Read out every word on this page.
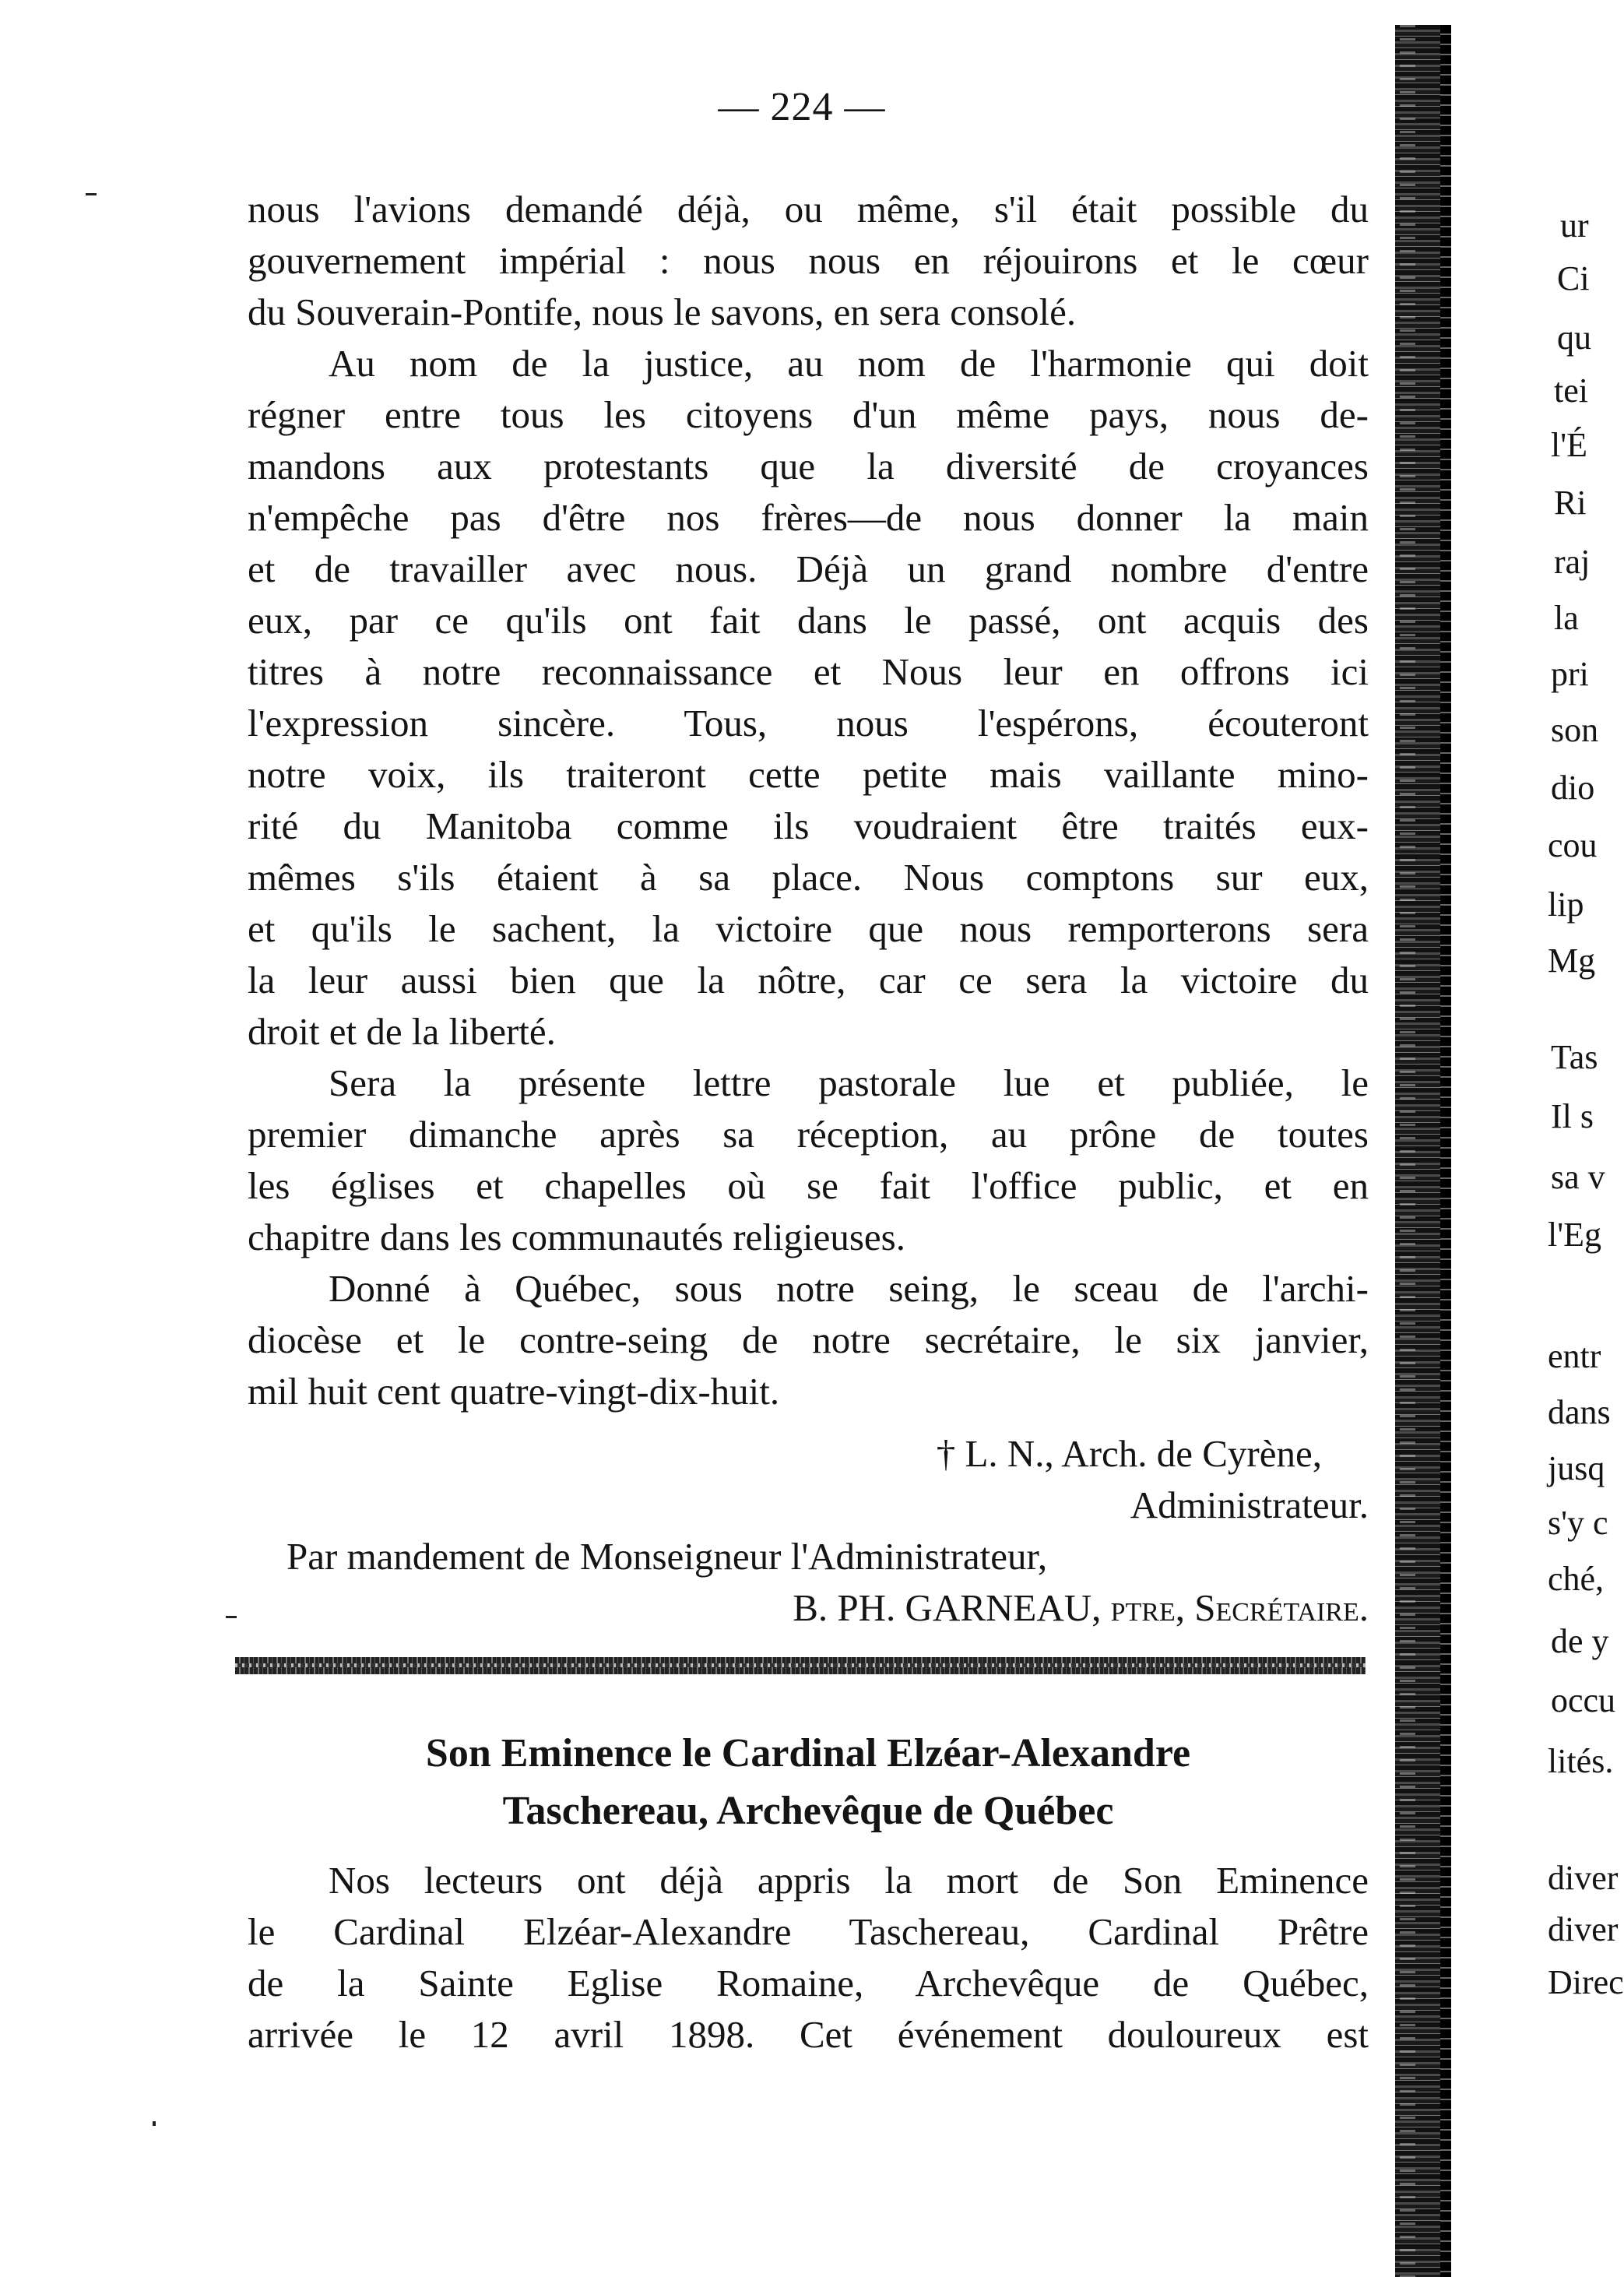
— 224 —
nous l'avions demandé déjà, ou même, s'il était possible du
gouvernement impérial : nous nous en réjouirons et le cœur
du Souverain-Pontife, nous le savons, en sera consolé.
Au nom de la justice, au nom de l'harmonie qui doit
régner entre tous les citoyens d'un même pays, nous de-
mandons aux protestants que la diversité de croyances
n'empêche pas d'être nos frères—de nous donner la main
et de travailler avec nous. Déjà un grand nombre d'entre
eux, par ce qu'ils ont fait dans le passé, ont acquis des
titres à notre reconnaissance et Nous leur en offrons ici
l'expression sincère. Tous, nous l'espérons, écouteront
notre voix, ils traiteront cette petite mais vaillante mino-
rité du Manitoba comme ils voudraient être traités eux-
mêmes s'ils étaient à sa place. Nous comptons sur eux,
et qu'ils le sachent, la victoire que nous remporterons sera
la leur aussi bien que la nôtre, car ce sera la victoire du
droit et de la liberté.
Sera la présente lettre pastorale lue et publiée, le
premier dimanche après sa réception, au prône de toutes
les églises et chapelles où se fait l'office public, et en
chapitre dans les communautés religieuses.
Donné à Québec, sous notre seing, le sceau de l'archi-
diocèse et le contre-seing de notre secrétaire, le six janvier,
mil huit cent quatre-vingt-dix-huit.
† L. N., Arch. de Cyrène,
Administrateur.
Par mandement de Monseigneur l'Administrateur,
B. PH. GARNEAU, ptre, Secrétaire.
Son Eminence le Cardinal Elzéar-Alexandre
Taschereau, Archevêque de Québec
Nos lecteurs ont déjà appris la mort de Son Eminence
le Cardinal Elzéar-Alexandre Taschereau, Cardinal Prêtre
de la Sainte Eglise Romaine, Archevêque de Québec,
arrivée le 12 avril 1898. Cet événement douloureux est
ur
Ci
qu
tei
l'É
Ri
raj
la
pri
son
dio
cou
lip
Mg
Tas
Il s
sa v
l'Eg
entr
dans
jusq
s'y c
ché,
de y
occu
lités.
diver
diver
Direc
